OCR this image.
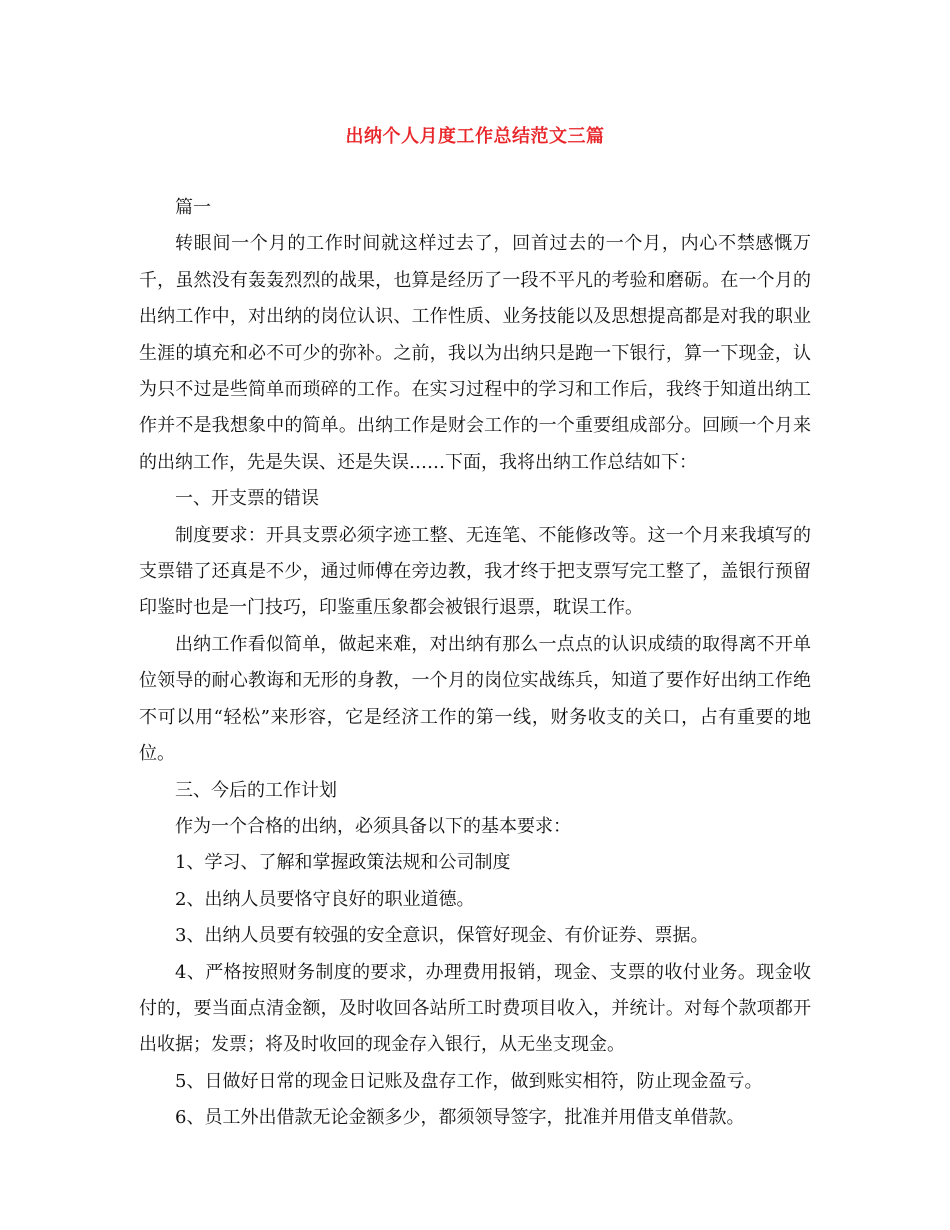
出纳个人月度工作总结范文三篇

篇一

转眼间一个月的工作时间就这样过去了，回首过去的一个月，内心不禁感慨万千，虽然没有轰轰烈烈的战果，也算是经历了一段不平凡的考验和磨砺。在一个月的出纳工作中，对出纳的岗位认识、工作性质、业务技能以及思想提高都是对我的职业生涯的填充和必不可少的弥补。之前，我以为出纳只是跑一下银行，算一下现金，认为只不过是些简单而琐碎的工作。在实习过程中的学习和工作后，我终于知道出纳工作并不是我想象中的简单。出纳工作是财会工作的一个重要组成部分。回顾一个月来的出纳工作，先是失误、还是失误……下面，我将出纳工作总结如下：

一、开支票的错误

制度要求：开具支票必须字迹工整、无连笔、不能修改等。这一个月来我填写的支票错了还真是不少，通过师傅在旁边教，我才终于把支票写完工整了，盖银行预留印鉴时也是一门技巧，印鉴重压象都会被银行退票，耽误工作。

出纳工作看似简单，做起来难，对出纳有那么一点点的认识成绩的取得离不开单位领导的耐心教诲和无形的身教，一个月的岗位实战练兵，知道了要作好出纳工作绝不可以用“轻松”来形容，它是经济工作的第一线，财务收支的关口，占有重要的地位。

三、今后的工作计划

作为一个合格的出纳，必须具备以下的基本要求：

1、学习、了解和掌握政策法规和公司制度

2、出纳人员要恪守良好的职业道德。

3、出纳人员要有较强的安全意识，保管好现金、有价证券、票据。

4、严格按照财务制度的要求，办理费用报销，现金、支票的收付业务。现金收付的，要当面点清金额，及时收回各站所工时费项目收入，并统计。对每个款项都开出收据；发票；将及时收回的现金存入银行，从无坐支现金。

5、日做好日常的现金日记账及盘存工作，做到账实相符，防止现金盈亏。

6、员工外出借款无论金额多少，都须领导签字，批准并用借支单借款。
